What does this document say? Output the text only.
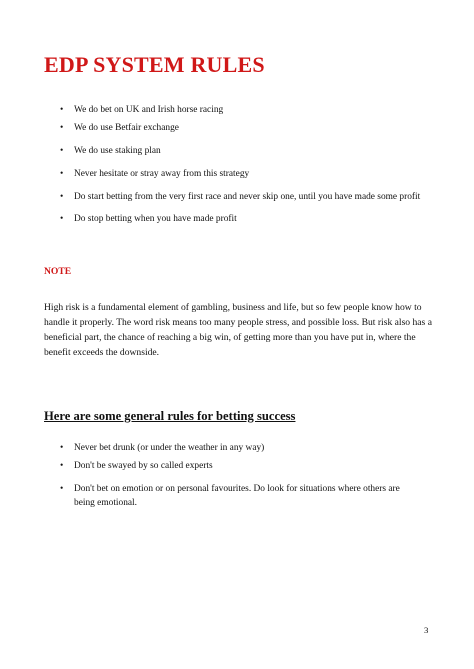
EDP SYSTEM RULES
•	We do bet on UK and Irish horse racing
•	We do use Betfair exchange
•	We do use staking plan
•	Never hesitate or stray away from this strategy
•	Do start betting from the very first race and never skip one, until you have made some profit
•	Do stop betting when you have made profit
NOTE

High risk is a fundamental element of gambling, business and life, but so few people know how to handle it properly. The word risk means too many people stress, and possible loss. But risk also has a beneficial part, the chance of reaching a big win, of getting more than you have put in, where the benefit exceeds the downside.

Here are some general rules for betting success
•	Never bet drunk (or under the weather in any way)
•	Don't be swayed by so called experts
•	Don't bet on emotion or on personal favourites. Do look for situations where others are being emotional.
3
